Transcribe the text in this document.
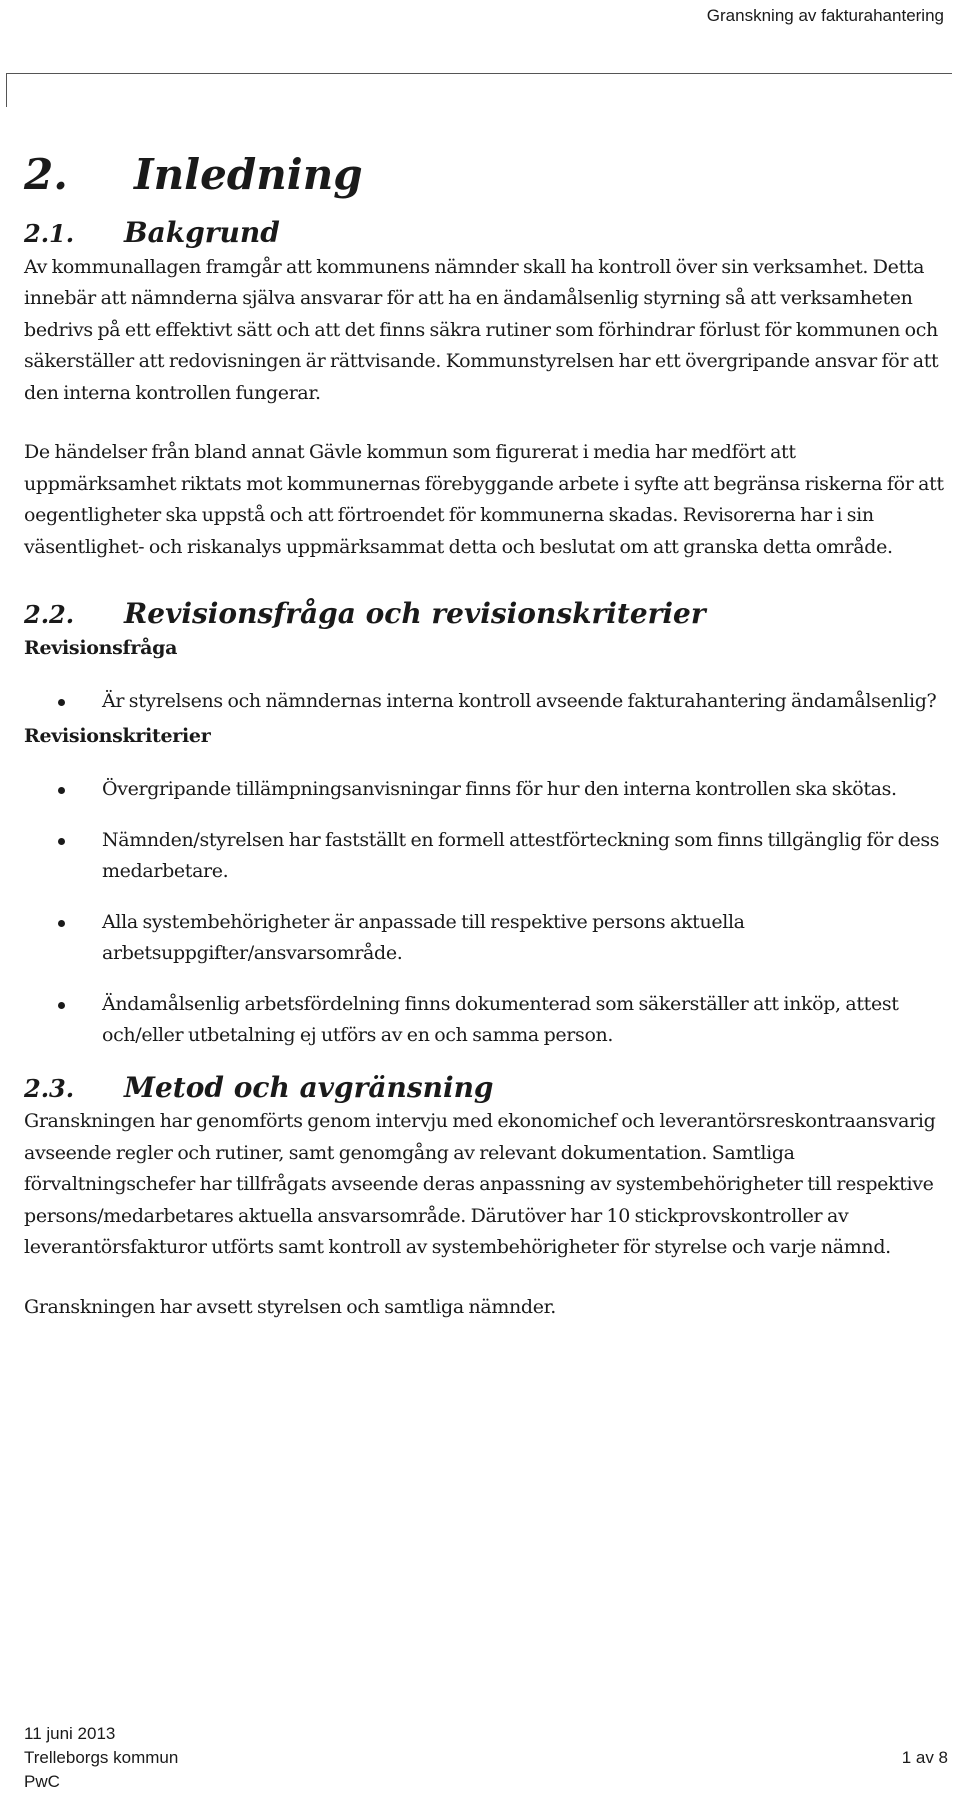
Granskning av fakturahantering
2. Inledning
2.1. Bakgrund

Av kommunallagen framgår att kommunens nämnder skall ha kontroll över sin verksamhet. Detta innebär att nämnderna själva ansvarar för att ha en ändamålsenlig styrning så att verksamheten bedrivs på ett effektivt sätt och att det finns säkra rutiner som förhindrar förlust för kommunen och säkerställer att redovisningen är rättvisande. Kommunstyrelsen har ett övergripande ansvar för att den interna kontrollen fungerar.

De händelser från bland annat Gävle kommun som figurerat i media har medfört att uppmärksamhet riktats mot kommunernas förebyggande arbete i syfte att begränsa riskerna för att oegentligheter ska uppstå och att förtroendet för kommunerna skadas. Revisorerna har i sin väsentlighet- och riskanalys uppmärksammat detta och beslutat om att granska detta område.

2.2. Revisionsfråga och revisionskriterier

Revisionsfråga

Är styrelsens och nämndernas interna kontroll avseende fakturahantering ändamålsenlig?

Revisionskriterier

Övergripande tillämpningsanvisningar finns för hur den interna kontrollen ska skötas.
Nämnden/styrelsen har fastställt en formell attestförteckning som finns tillgänglig för dess medarbetare.
Alla systembehörigheter är anpassade till respektive persons aktuella arbetsuppgifter/ansvarsområde.
Ändamålsenlig arbetsfördelning finns dokumenterad som säkerställer att inköp, attest och/eller utbetalning ej utförs av en och samma person.
2.3. Metod och avgränsning

Granskningen har genomförts genom intervju med ekonomichef och leverantörsreskontraansvarig avseende regler och rutiner, samt genomgång av relevant dokumentation. Samtliga förvaltningschefer har tillfrågats avseende deras anpassning av systembehörigheter till respektive persons/medarbetares aktuella ansvarsområde. Därutöver har 10 stickprovskontroller av leverantörsfakturor utförts samt kontroll av systembehörigheter för styrelse och varje nämnd.

Granskningen har avsett styrelsen och samtliga nämnder.

11 juni 2013
Trelleborgs kommun
PwC
1 av 8
